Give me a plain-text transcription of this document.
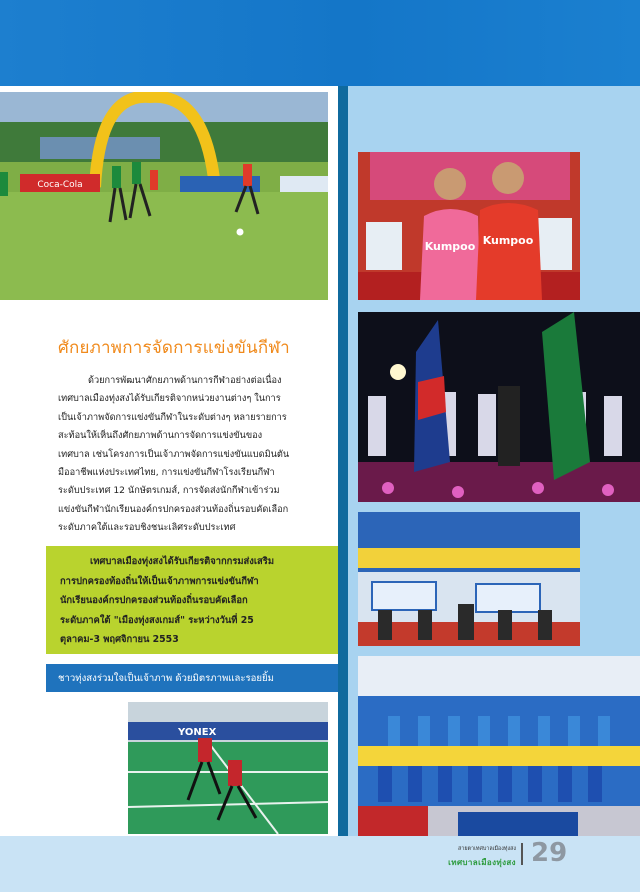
Coca-Cola
ศักยภาพการจัดการแข่งขันกีฬา
ด้วยการพัฒนาศักยภาพด้านการกีฬาอย่างต่อเนื่อง
เทศบาลเมืองทุ่งสงได้รับเกียรติจากหน่วยงานต่างๆ ในการ
เป็นเจ้าภาพจัดการแข่งขันกีฬาในระดับต่างๆ หลายรายการ
สะท้อนให้เห็นถึงศักยภาพด้านการจัดการแข่งขันของ
เทศบาล เช่นโครงการเป็นเจ้าภาพจัดการแข่งขันแบดมินตัน
มืออาชีพแห่งประเทศไทย, การแข่งขันกีฬาโรงเรียนกีฬา
ระดับประเทศ 12 นักษัตรเกมส์, การจัดส่งนักกีฬาเข้าร่วม
แข่งขันกีฬานักเรียนองค์กรปกครองส่วนท้องถิ่นรอบคัดเลือก
ระดับภาคใต้และรอบชิงชนะเลิศระดับประเทศ
เทศบาลเมืองทุ่งสงได้รับเกียรติจากกรมส่งเสริม
การปกครองท้องถิ่นให้เป็นเจ้าภาพการแข่งขันกีฬา
นักเรียนองค์กรปกครองส่วนท้องถิ่นรอบคัดเลือก
ระดับภาคใต้ "เมืองทุ่งสงเกมส์" ระหว่างวันที่ 25
ตุลาคม-3 พฤศจิกายน 2553
ชาวทุ่งสงร่วมใจเป็นเจ้าภาพ ด้วยมิตรภาพและรอยยิ้ม
YONEX
Kumpoo Kumpoo
สายตาเทศบาลเมืองทุ่งสง
เทศบาลเมืองทุ่งสง 29
